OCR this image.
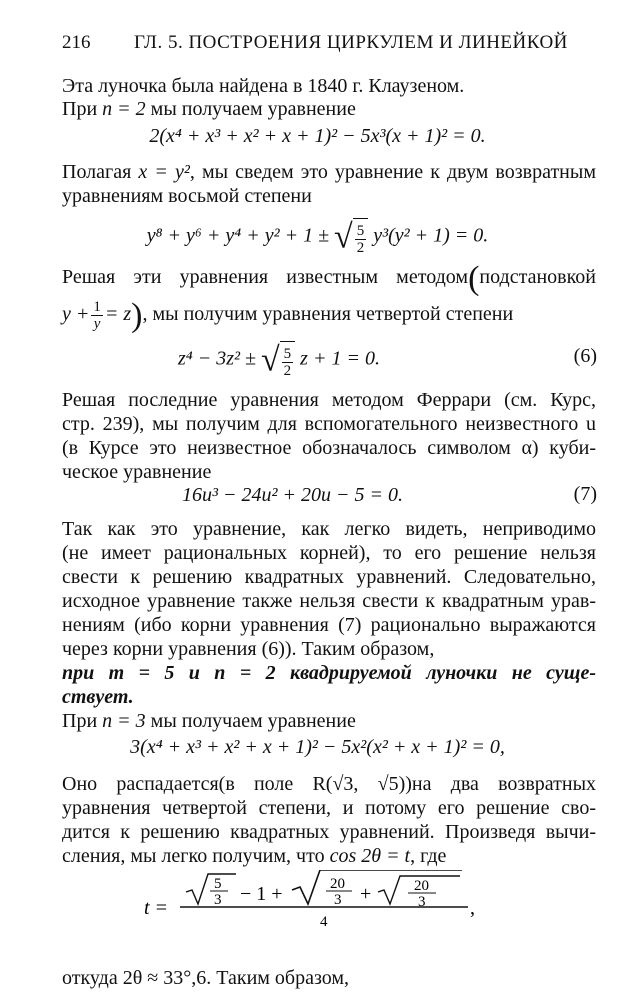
216 ГЛ. 5. ПОСТРОЕНИЯ ЦИРКУЛЕМ И ЛИНЕЙКОЙ
Эта луночка была найдена в 1840 г. Клаузеном.
При n = 2 мы получаем уравнение
2(x⁴ + x³ + x² + x + 1)² − 5x³(x + 1)² = 0.
Полагая x = y², мы сведем это уравнение к двум возвратным
уравнениям восьмой степени
y⁸ + y⁶ + y⁴ + y² + 1 ± √ $\frac{5}{2} y^3(y^2 + 1) = 0$.
Решая эти уравнения известным методом(подстановкой
$y + \frac{1}{y} = z$), мы получим уравнения четвертой степени
z⁴ − 3z² ± √ $\frac{5}{2}$ z + 1 = 0.	(6)
Решая последние уравнения методом Феррари (см. Курс,
стр. 239), мы получим для вспомогательного неизвестного u
(в Курсе это неизвестное обозначалось символом α) куби-
ческое уравнение
16u³ − 24u² + 20u − 5 = 0.	(7)
Так как это уравнение, как легко видеть, неприводимо
(не имеет рациональных корней), то его решение нельзя
свести к решению квадратных уравнений. Следовательно,
исходное уравнение также нельзя свести к квадратным урав-
нениям (ибо корни уравнения (7) рационально выражаются
через корни уравнения (6)). Таким образом,
при m = 5 и n = 2 квадрируемой луночки не суще-
ствует.
При n = 3 мы получаем уравнение
3(x⁴ + x³ + x² + x + 1)² − 5x²(x² + x + 1)² = 0,
Оно распадается(в поле R(√3, √5))на два возвратных
уравнения четвертой степени, и потому его решение сво-
дится к решению квадратных уравнений. Произведя вычи-
сления, мы легко получим, что cos 2θ = t, где
t =
5
3 − 1 +	20
3 +	20
3
4
,
откуда 2θ ≈ 33°,6. Таким образом,
